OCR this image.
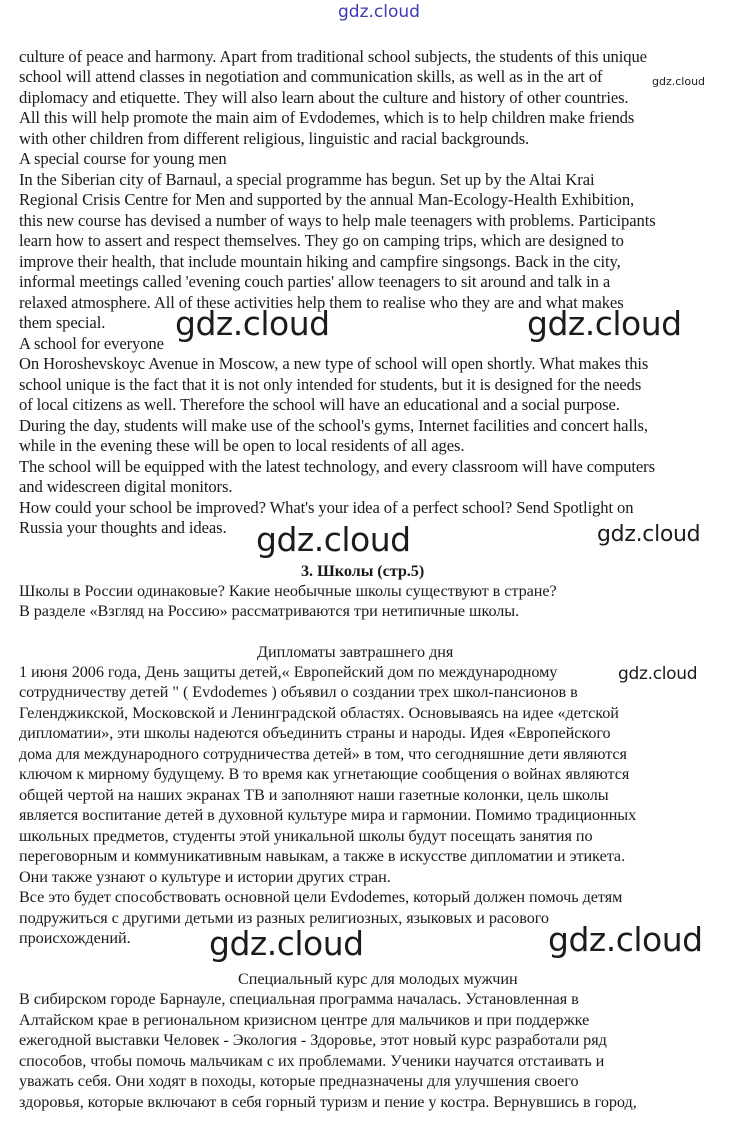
culture of peace and harmony. Apart from traditional school subjects, the students of this unique
school will attend classes in negotiation and communication skills, as well as in the art of
diplomacy and etiquette. They will also learn about the culture and history of other countries.
All this will help promote the main aim of Evdodemes, which is to help children make friends
with other children from different religious, linguistic and racial backgrounds.
A special course for young men
In the Siberian city of Barnaul, a special programme has begun. Set up by the Altai Krai
Regional Crisis Centre for Men and supported by the annual Man-Ecology-Health Exhibition,
this new course has devised a number of ways to help male teenagers with problems. Participants
learn how to assert and respect themselves. They go on camping trips, which are designed to
improve their health, that include mountain hiking and campfire singsongs. Back in the city,
informal meetings called 'evening couch parties' allow teenagers to sit around and talk in a
relaxed atmosphere. All of these activities help them to realise who they are and what makes
them special.
A school for everyone
On Horoshevskoyc Avenue in Moscow, a new type of school will open shortly. What makes this
school unique is the fact that it is not only intended for students, but it is designed for the needs
of local citizens as well. Therefore the school will have an educational and a social purpose.
During the day, students will make use of the school's gyms, Internet facilities and concert halls,
while in the evening these will be open to local residents of all ages.
The school will be equipped with the latest technology, and every classroom will have computers
and widescreen digital monitors.
How could your school be improved? What's your idea of a perfect school? Send Spotlight on
Russia your thoughts and ideas.
3. Школы (стр.5)
Школы в России одинаковые? Какие необычные школы существуют в стране?
В разделе «Взгляд на Россию» рассматриваются три нетипичные школы.
Дипломаты завтрашнего дня
1 июня 2006 года, День защиты детей,« Европейский дом по международному
сотрудничеству детей " ( Evdodemes ) объявил о создании трех школ-пансионов в
Геленджикской, Московской и Ленинградской областях. Основываясь на идее «детской
дипломатии», эти школы надеются объединить страны и народы. Идея «Европейского
дома для международного сотрудничества детей» в том, что сегодняшние дети являются
ключом к мирному будущему. В то время как угнетающие сообщения о войнах являются
общей чертой на наших экранах ТВ и заполняют наши газетные колонки, цель школы
является воспитание детей в духовной культуре мира и гармонии. Помимо традиционных
школьных предметов, студенты этой уникальной школы будут посещать занятия по
переговорным и коммуникативным навыкам, а также в искусстве дипломатии и этикета.
Они также узнают о культуре и истории других стран.
Все это будет способствовать основной цели Evdodemes, который должен помочь детям
подружиться с другими детьми из разных религиозных, языковых и расового
происхождений.
Специальный курс для молодых мужчин
В сибирском городе Барнауле, специальная программа началась. Установленная в
Алтайском крае в региональном кризисном центре для мальчиков и при поддержке
ежегодной выставки Человек - Экология - Здоровье, этот новый курс разработали ряд
способов, чтобы помочь мальчикам с их проблемами. Ученики научатся отстаивать и
уважать себя. Они ходят в походы, которые предназначены для улучшения своего
здоровья, которые включают в себя горный туризм и пение у костра. Вернувшись в город,
gdz.cloud
gdz.cloud
gdz.cloud	gdz.cloud
gdz.cloud	gdz.cloud
gdz.cloud
gdz.cloud	gdz.cloud
